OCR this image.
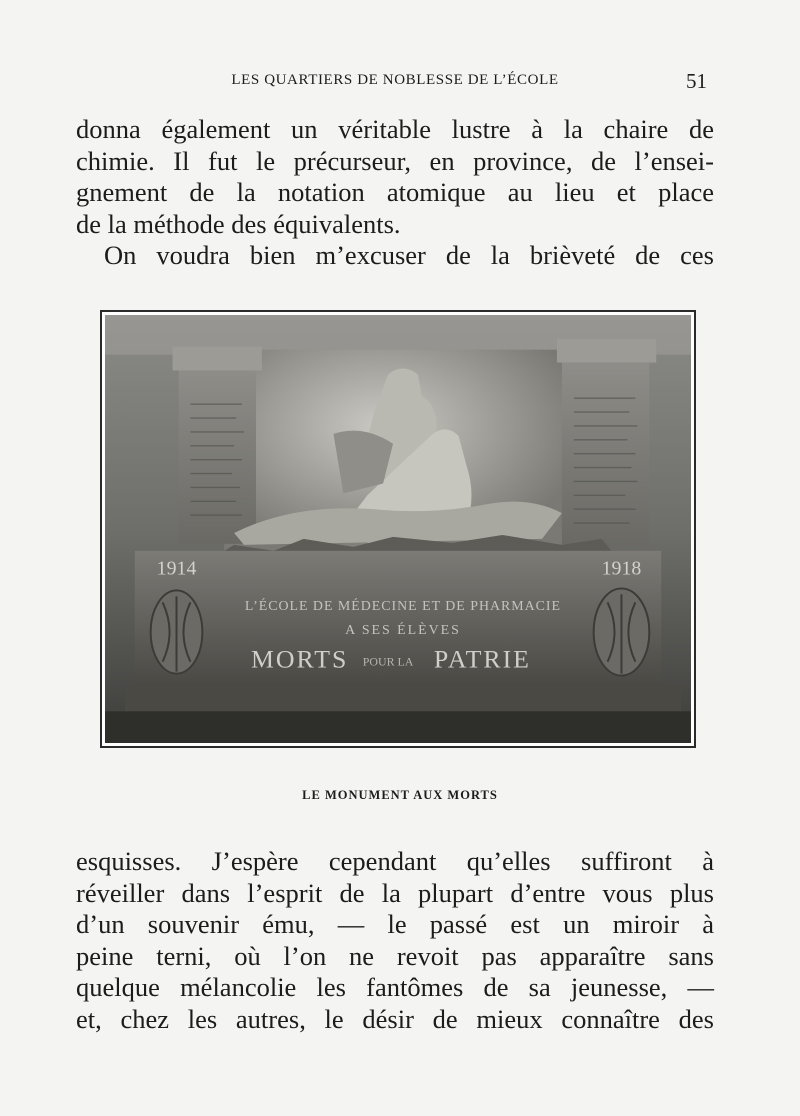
LES QUARTIERS DE NOBLESSE DE L’ÉCOLE	51
donna également un véritable lustre à la chaire de
chimie. Il fut le précurseur, en province, de l’ensei-
gnement de la notation atomique au lieu et place
de la méthode des équivalents.
On voudra bien m’excuser de la brièveté de ces
1914	1918
L’ÉCOLE DE MÉDECINE ET DE PHARMACIE
A SES ÉLÈVES
MORTS POUR LA PATRIE
LE MONUMENT AUX MORTS
esquisses. J’espère cependant qu’elles suffiront à
réveiller dans l’esprit de la plupart d’entre vous plus
d’un souvenir ému, — le passé est un miroir à
peine terni, où l’on ne revoit pas apparaître sans
quelque mélancolie les fantômes de sa jeunesse, —
et, chez les autres, le désir de mieux connaître des
